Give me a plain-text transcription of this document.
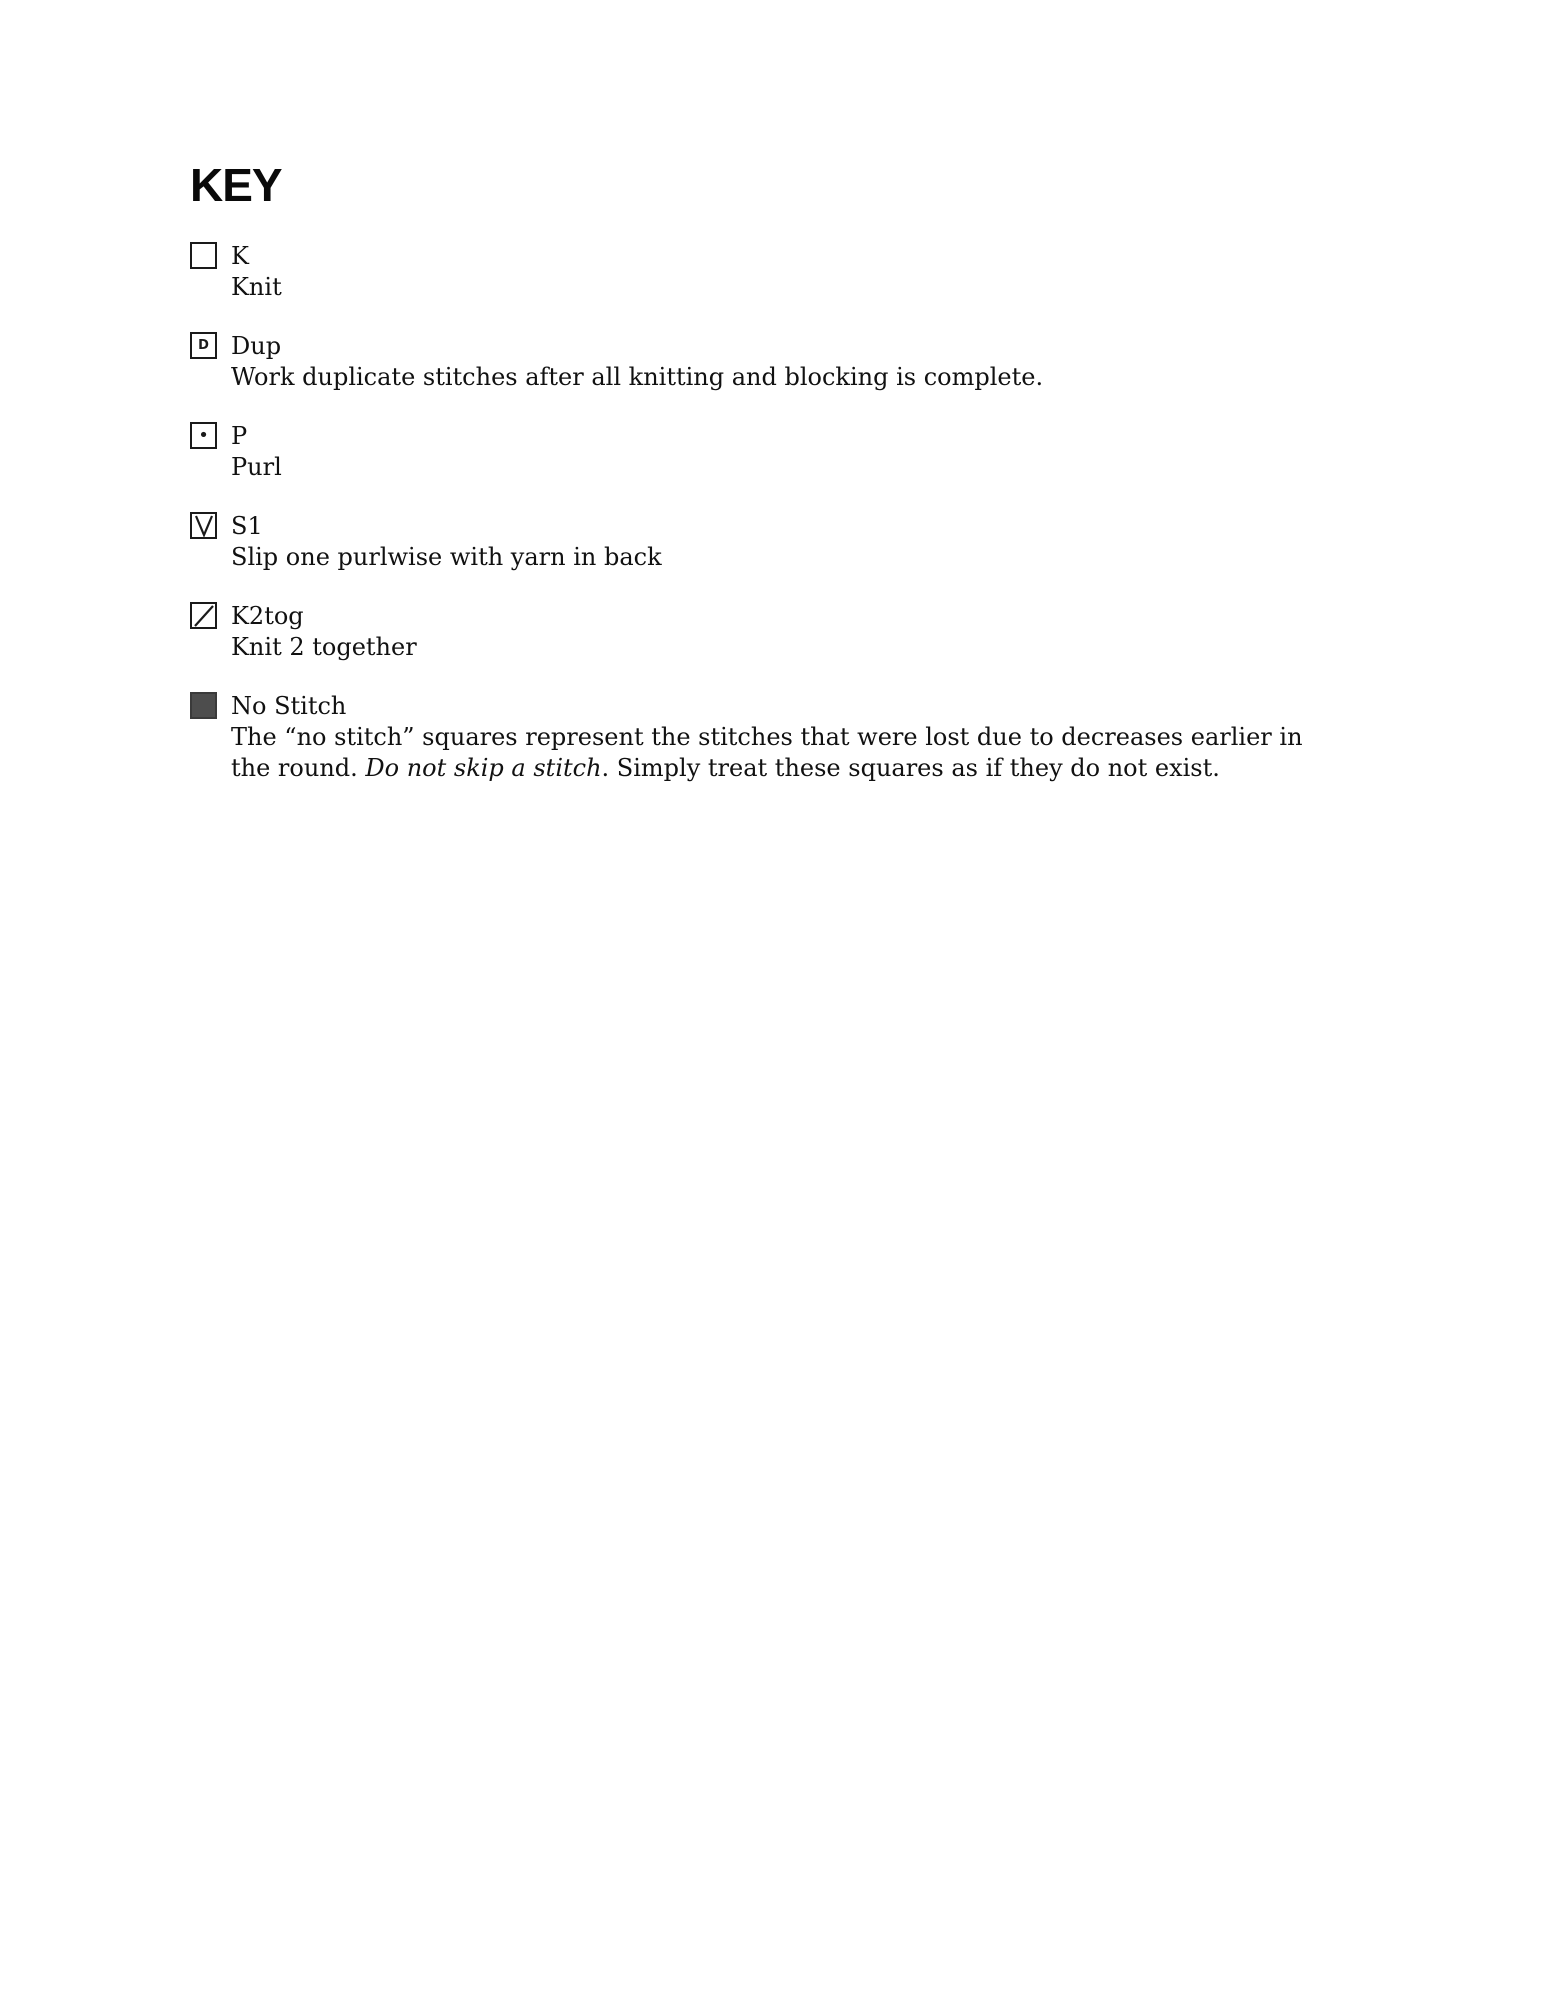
KEY
K
Knit
D Dup
Work duplicate stitches after all knitting and blocking is complete.
• P
Purl
S1
Slip one purlwise with yarn in back
K2tog
Knit 2 together
No Stitch
The “no stitch” squares represent the stitches that were lost due to decreases earlier in the round. Do not skip a stitch. Simply treat these squares as if they do not exist.
